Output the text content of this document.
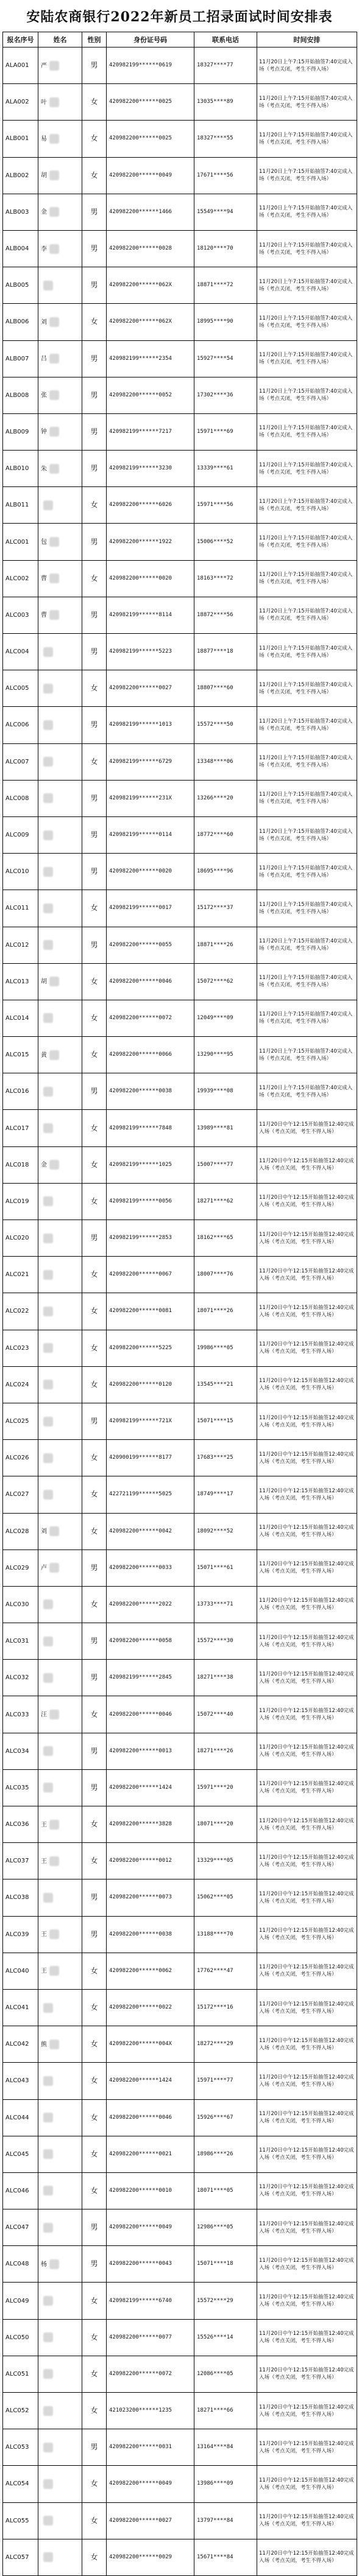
安陆农商银行2022年新员工招录面试时间安排表
报名序号	姓名	性别	身份证号码	联系电话	时间安排
ALA001	严	男	420982199******0619	18327****77	11月20日上午7:15开始抽签7:40完成入场（考点关闭，考生不得入场）
ALA002	叶	女	420982200******0025	13035****89	11月20日上午7:15开始抽签7:40完成入场（考点关闭，考生不得入场）
ALB001	易	女	420982200******0025	18327****55	11月20日上午7:15开始抽签7:40完成入场（考点关闭，考生不得入场）
ALB002	胡	女	420982200******0049	17671****56	11月20日上午7:15开始抽签7:40完成入场（考点关闭，考生不得入场）
ALB003	金	男	420982200******1466	15549****94	11月20日上午7:15开始抽签7:40完成入场（考点关闭，考生不得入场）
ALB004	李	男	420982200******0028	18120****70	11月20日上午7:15开始抽签7:40完成入场（考点关闭，考生不得入场）
ALB005		男	420982200******062X	18871****72	11月20日上午7:15开始抽签7:40完成入场（考点关闭，考生不得入场）
ALB006	刘	女	420982200******062X	18995****90	11月20日上午7:15开始抽签7:40完成入场（考点关闭，考生不得入场）
ALB007	吕	男	420982199******2354	15927****54	11月20日上午7:15开始抽签7:40完成入场（考点关闭，考生不得入场）
ALB008	张	男	420982200******0052	17302****36	11月20日上午7:15开始抽签7:40完成入场（考点关闭，考生不得入场）
ALB009	钟	男	420982199******7217	15971****69	11月20日上午7:15开始抽签7:40完成入场（考点关闭，考生不得入场）
ALB010	朱	男	420982199******3230	13339****61	11月20日上午7:15开始抽签7:40完成入场（考点关闭，考生不得入场）
ALB011		女	420982200******6026	15971****56	11月20日上午7:15开始抽签7:40完成入场（考点关闭，考生不得入场）
ALC001	包	男	420982200******1922	15006****52	11月20日上午7:15开始抽签7:40完成入场（考点关闭，考生不得入场）
ALC002	曹	女	420982200******0020	18163****72	11月20日上午7:15开始抽签7:40完成入场（考点关闭，考生不得入场）
ALC003	曹	男	420982199******8114	18872****56	11月20日上午7:15开始抽签7:40完成入场（考点关闭，考生不得入场）
ALC004		男	420982199******5223	18877****18	11月20日上午7:15开始抽签7:40完成入场（考点关闭，考生不得入场）
ALC005		女	420982200******0027	18807****60	11月20日上午7:15开始抽签7:40完成入场（考点关闭，考生不得入场）
ALC006		男	420982199******1013	15572****50	11月20日上午7:15开始抽签7:40完成入场（考点关闭，考生不得入场）
ALC007		女	420982199******6729	13348****06	11月20日上午7:15开始抽签7:40完成入场（考点关闭，考生不得入场）
ALC008		男	420982199******231X	13266****20	11月20日上午7:15开始抽签7:40完成入场（考点关闭，考生不得入场）
ALC009		男	420982199******0114	18772****60	11月20日上午7:15开始抽签7:40完成入场（考点关闭，考生不得入场）
ALC010		男	420982200******0020	18695****96	11月20日上午7:15开始抽签7:40完成入场（考点关闭，考生不得入场）
ALC011		女	420982199******0017	15172****37	11月20日上午7:15开始抽签7:40完成入场（考点关闭，考生不得入场）
ALC012		男	420982200******0055	18871****26	11月20日上午7:15开始抽签7:40完成入场（考点关闭，考生不得入场）
ALC013	胡	女	420982200******0046	15072****62	11月20日上午7:15开始抽签7:40完成入场（考点关闭，考生不得入场）
ALC014		女	420982200******0072	12049****09	11月20日上午7:15开始抽签7:40完成入场（考点关闭，考生不得入场）
ALC015	黄	女	420982200******0066	13290****95	11月20日上午7:15开始抽签7:40完成入场（考点关闭，考生不得入场）
ALC016		男	420982200******0038	19939****08	11月20日上午7:15开始抽签7:40完成入场（考点关闭，考生不得入场）
ALC017		女	420982199******7848	13989****81	11月20日中午12:15开始抽签12:40完成入场（考点关闭，考生不得入场）
ALC018	金	女	420982199******1025	15007****77	11月20日中午12:15开始抽签12:40完成入场（考点关闭，考生不得入场）
ALC019		女	420982199******0056	18271****62	11月20日中午12:15开始抽签12:40完成入场（考点关闭，考生不得入场）
ALC020		男	420982199******2853	18162****65	11月20日中午12:15开始抽签12:40完成入场（考点关闭，考生不得入场）
ALC021		女	420982200******0067	18007****76	11月20日中午12:15开始抽签12:40完成入场（考点关闭，考生不得入场）
ALC022		女	420982200******0081	18071****26	11月20日中午12:15开始抽签12:40完成入场（考点关闭，考生不得入场）
ALC023		女	420982200******5225	19986****05	11月20日中午12:15开始抽签12:40完成入场（考点关闭，考生不得入场）
ALC024		女	420982200******0120	13545****21	11月20日中午12:15开始抽签12:40完成入场（考点关闭，考生不得入场）
ALC025		男	420982199******721X	15071****15	11月20日中午12:15开始抽签12:40完成入场（考点关闭，考生不得入场）
ALC026		女	420900199******8177	17683****25	11月20日中午12:15开始抽签12:40完成入场（考点关闭，考生不得入场）
ALC027		女	422721199******5025	18749****17	11月20日中午12:15开始抽签12:40完成入场（考点关闭，考生不得入场）
ALC028	刘	女	420982200******0042	18092****52	11月20日中午12:15开始抽签12:40完成入场（考点关闭，考生不得入场）
ALC029	卢	男	420982200******0033	15071****61	11月20日中午12:15开始抽签12:40完成入场（考点关闭，考生不得入场）
ALC030		女	420982200******2022	13733****71	11月20日中午12:15开始抽签12:40完成入场（考点关闭，考生不得入场）
ALC031		男	420982200******0058	15572****30	11月20日中午12:15开始抽签12:40完成入场（考点关闭，考生不得入场）
ALC032		男	420982199******2845	18271****38	11月20日中午12:15开始抽签12:40完成入场（考点关闭，考生不得入场）
ALC033	汪	女	420982200******0046	15072****40	11月20日中午12:15开始抽签12:40完成入场（考点关闭，考生不得入场）
ALC034		男	420982200******0013	18271****26	11月20日中午12:15开始抽签12:40完成入场（考点关闭，考生不得入场）
ALC035		男	420982200******1424	15971****20	11月20日中午12:15开始抽签12:40完成入场（考点关闭，考生不得入场）
ALC036	王	女	420982200******3828	18071****20	11月20日中午12:15开始抽签12:40完成入场（考点关闭，考生不得入场）
ALC037	王	女	420982200******0012	13329****05	11月20日中午12:15开始抽签12:40完成入场（考点关闭，考生不得入场）
ALC038		男	420982200******0073	15062****05	11月20日中午12:15开始抽签12:40完成入场（考点关闭，考生不得入场）
ALC039	王	男	420982200******0038	13188****70	11月20日中午12:15开始抽签12:40完成入场（考点关闭，考生不得入场）
ALC040	王	女	420982200******0062	17762****47	11月20日中午12:15开始抽签12:40完成入场（考点关闭，考生不得入场）
ALC041		女	420982200******0022	15172****16	11月20日中午12:15开始抽签12:40完成入场（考点关闭，考生不得入场）
ALC042	熊	女	420982200******004X	18272****29	11月20日中午12:15开始抽签12:40完成入场（考点关闭，考生不得入场）
ALC043		女	420982200******1424	15971****77	11月20日中午12:15开始抽签12:40完成入场（考点关闭，考生不得入场）
ALC044		女	420982200******0046	15926****67	11月20日中午12:15开始抽签12:40完成入场（考点关闭，考生不得入场）
ALC045		女	420982200******0021	18986****26	11月20日中午12:15开始抽签12:40完成入场（考点关闭，考生不得入场）
ALC046		女	420982200******0010	18071****05	11月20日中午12:15开始抽签12:40完成入场（考点关闭，考生不得入场）
ALC047		男	420982200******0049	12986****05	11月20日中午12:15开始抽签12:40完成入场（考点关闭，考生不得入场）
ALC048	杨	男	420982200******0043	15071****18	11月20日中午12:15开始抽签12:40完成入场（考点关闭，考生不得入场）
ALC049		女	420982199******6740	15572****29	11月20日中午12:15开始抽签12:40完成入场（考点关闭，考生不得入场）
ALC050		女	420982200******0077	15526****14	11月20日中午12:15开始抽签12:40完成入场（考点关闭，考生不得入场）
ALC051		女	420982200******0072	12086****05	11月20日中午12:15开始抽签12:40完成入场（考点关闭，考生不得入场）
ALC052		女	421023200******1235	18271****66	11月20日中午12:15开始抽签12:40完成入场（考点关闭，考生不得入场）
ALC053		男	420982200******0031	13164****84	11月20日中午12:15开始抽签12:40完成入场（考点关闭，考生不得入场）
ALC054		女	420982200******0049	13986****09	11月20日中午12:15开始抽签12:40完成入场（考点关闭，考生不得入场）
ALC055		女	420982200******0027	13797****84	11月20日中午12:15开始抽签12:40完成入场（考点关闭，考生不得入场）
ALC057		女	420982200******0029	15671****84	11月20日中午12:15开始抽签12:40完成入场（考点关闭，考生不得入场）
